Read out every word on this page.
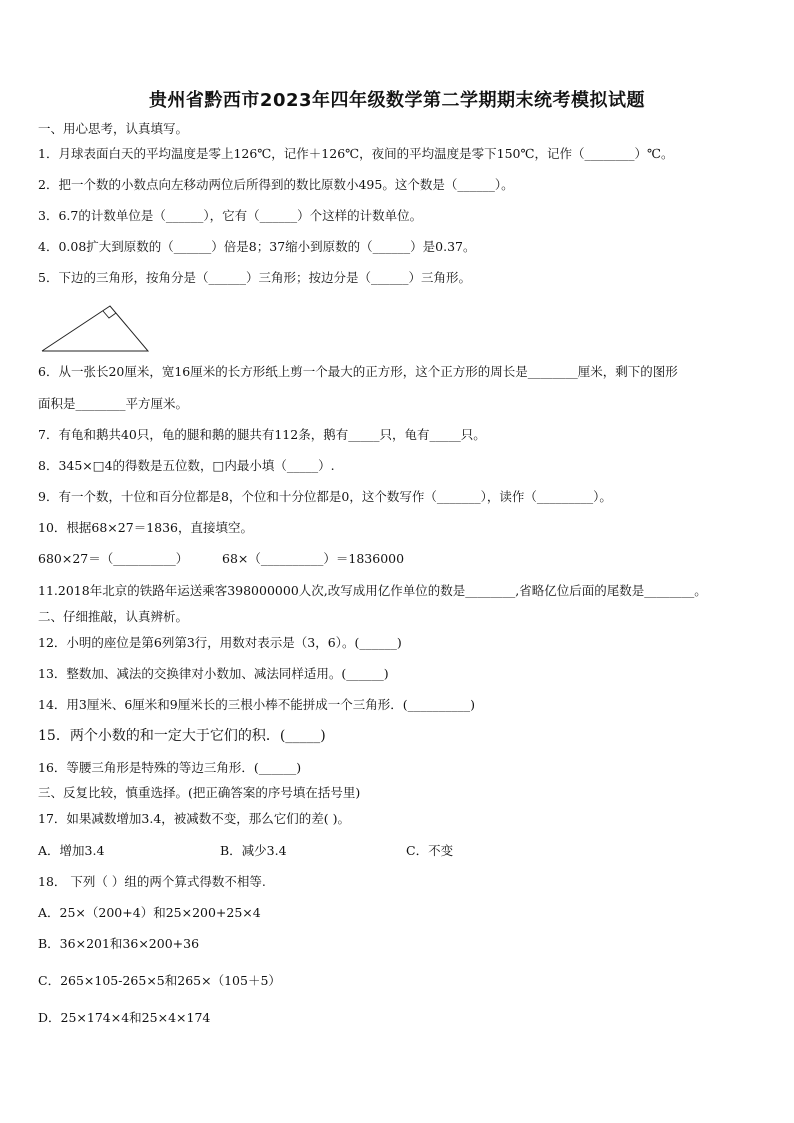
贵州省黔西市2023年四年级数学第二学期期末统考模拟试题
一、用心思考，认真填写。
1．月球表面白天的平均温度是零上126℃，记作＋126℃，夜间的平均温度是零下150℃，记作（________）℃。
2．把一个数的小数点向左移动两位后所得到的数比原数小495。这个数是（______）。
3．6.7的计数单位是（______），它有（______）个这样的计数单位。
4．0.08扩大到原数的（______）倍是8；37缩小到原数的（______）是0.37。
5．下边的三角形，按角分是（______）三角形；按边分是（______）三角形。
6．从一张长20厘米，宽16厘米的长方形纸上剪一个最大的正方形，这个正方形的周长是________厘米，剩下的图形
面积是________平方厘米。
7．有龟和鹅共40只，龟的腿和鹅的腿共有112条，鹅有_____只，龟有_____只。
8．345×□4的得数是五位数，□内最小填（_____）.
9．有一个数，十位和百分位都是8，个位和十分位都是0，这个数写作（_______），读作（_________）。
10．根据68×27＝1836，直接填空。
680×27＝（__________）	68×（__________）＝1836000
11.2018年北京的铁路年运送乘客398000000人次,改写成用亿作单位的数是________,省略亿位后面的尾数是________。
二、仔细推敲，认真辨析。
12．小明的座位是第6列第3行，用数对表示是（3，6）。(______)
13．整数加、减法的交换律对小数加、减法同样适用。(______)
14．用3厘米、6厘米和9厘米长的三根小棒不能拼成一个三角形．(__________)
15．两个小数的和一定大于它们的积．(_____)
16．等腰三角形是特殊的等边三角形．(______)
三、反复比较，慎重选择。(把正确答案的序号填在括号里)
17．如果减数增加3.4，被减数不变，那么它们的差( )。
A．增加3.4	B．减少3.4	C．不变
18． 下列（ ）组的两个算式得数不相等.
A．25×（200+4）和25×200+25×4
B．36×201和36×200+36
C．265×105-265×5和265×（105＋5）
D．25×174×4和25×4×174
